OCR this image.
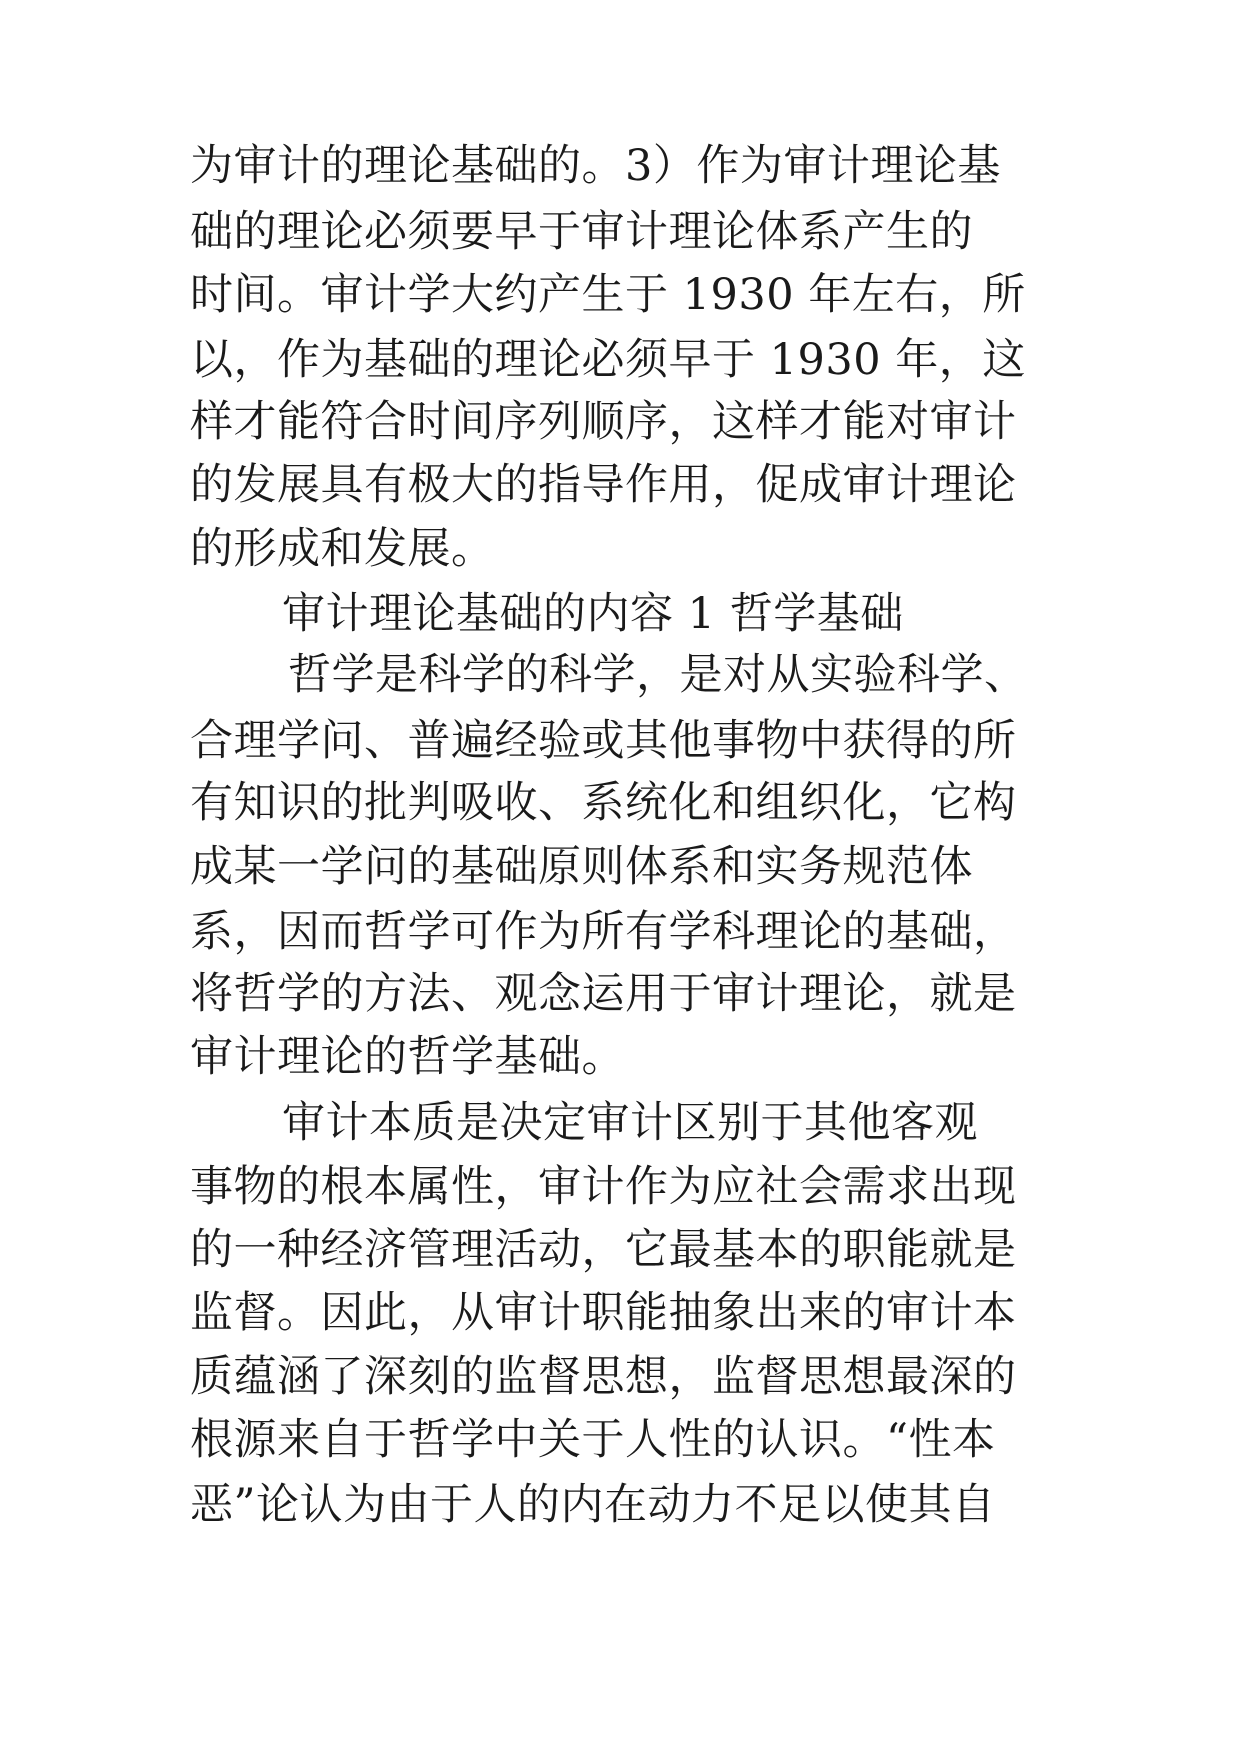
为审计的理论基础的。3）作为审计理论基
础的理论必须要早于审计理论体系产生的
时间。审计学大约产生于 1930 年左右，所
以，作为基础的理论必须早于 1930 年，这
样才能符合时间序列顺序，这样才能对审计
的发展具有极大的指导作用，促成审计理论
的形成和发展。
审计理论基础的内容 1 哲学基础
哲学是科学的科学，是对从实验科学、
合理学问、普遍经验或其他事物中获得的所
有知识的批判吸收、系统化和组织化，它构
成某一学问的基础原则体系和实务规范体
系，因而哲学可作为所有学科理论的基础，
将哲学的方法、观念运用于审计理论，就是
审计理论的哲学基础。
审计本质是决定审计区别于其他客观
事物的根本属性，审计作为应社会需求出现
的一种经济管理活动，它最基本的职能就是
监督。因此，从审计职能抽象出来的审计本
质蕴涵了深刻的监督思想，监督思想最深的
根源来自于哲学中关于人性的认识。“性本
恶”论认为由于人的内在动力不足以使其自
